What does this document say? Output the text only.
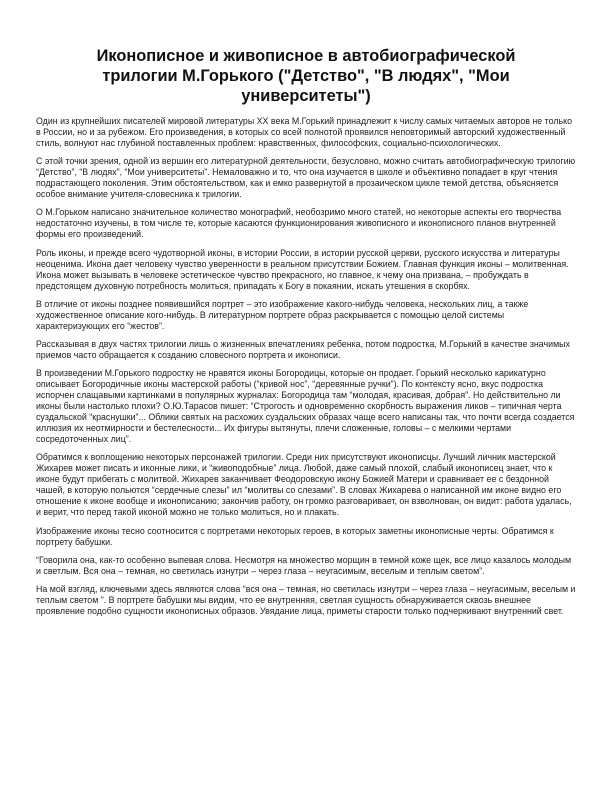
Иконописное и живописное в автобиографической трилогии М.Горького ("Детство", "В людях", "Мои университеты")

Один из крупнейших писателей мировой литературы XX века М.Горький принадлежит к числу самых читаемых авторов не только в России, но и за рубежом. Его произведения, в которых со всей полнотой проявился неповторимый авторский художественный стиль, волнуют нас глубиной поставленных проблем: нравственных, философских, социально-психологических.

С этой точки зрения, одной из вершин его литературной деятельности, безусловно, можно считать автобиографическую трилогию “Детство”, “В людях”, “Мои университеты”. Немаловажно и то, что она изучается в школе и объективно попадает в круг чтения подрастающего поколения. Этим обстоятельством, как и емко развернутой в прозаическом цикле темой детства, объясняется особое внимание учителя-словесника к трилогии.

О М.Горьком написано значительное количество монографий, необозримо много статей, но некоторые аспекты его творчества недостаточно изучены, в том числе те, которые касаются функционирования живописного и иконописного планов внутренней формы его произведений.

Роль иконы, и прежде всего чудотворной иконы, в истории России, в истории русской церкви, русского искусства и литературы неоценима. Икона дает человеку чувство уверенности в реальном присутствии Божием. Главная функция иконы – молитвенная. Икона может вызывать в человеке эстетическое чувство прекрасного, но главное, к чему она призвана, – пробуждать в предстоящем духовную потребность молиться, припадать к Богу в покаянии, искать утешения в скорбях.

В отличие от иконы позднее появившийся портрет – это изображение какого-нибудь человека, нескольких лиц, а также художественное описание кого-нибудь. В литературном портрете образ раскрывается с помощью целой системы характеризующих его “жестов”.

Рассказывая в двух частях трилогии лишь о жизненных впечатлениях ребенка, потом подростка, М.Горький в качестве значимых приемов часто обращается к созданию словесного портрета и иконописи.

В произведении М.Горького подростку не нравятся иконы Богородицы, которые он продает. Горький несколько карикатурно описывает Богородичные иконы мастерской работы (“кривой нос”, “деревянные ручки”). По контексту ясно, вкус подростка испорчен слащавыми картинками в популярных журналах: Богородица там “молодая, красивая, добрая”. Но действительно ли иконы были настолько плохи? О.Ю.Тарасов пишет: “Строгость и одновременно скорбность выражения ликов – типичная черта суздальской “краснушки”... Облики святых на расхожих суздальских образах чаще всего написаны так, что почти всегда создается иллюзия их неотмирности и бестелесности... Их фигуры вытянуты, плечи сложенные, головы – с мелкими чертами сосредоточенных лиц”.

Обратимся к воплощению некоторых персонажей трилогии. Среди них присутствуют иконописцы. Лучший личник мастерской Жихарев может писать и иконные лики, и “живоподобные” лица. Любой, даже самый плохой, слабый иконописец знает, что к иконе будут прибегать с молитвой. Жихарев заканчивает Феодоровскую икону Божией Матери и сравнивает ее с бездонной чашей, в которую польются “сердечные слезы” ил “молитвы со слезами”. В словах Жихарева о написанной им иконе видно его отношение к иконе вообще и иконописанию; закончив работу, он громко разговаривает, он взволнован, он видит: работа удалась, и верит, что перед такой иконой можно не только молиться, но и плакать.

Изображение иконы тесно соотносится с портретами некоторых героев, в которых заметны иконописные черты. Обратимся к портрету бабушки.

“Говорила она, как-то особенно выпевая слова. Несмотря на множество морщин в темной коже щек, все лицо казалось молодым и светлым. Вся она – темная, но светилась изнутри – через глаза – неугасимым, веселым и теплым светом”.

На мой взгляд, ключевыми здесь являются слова “вся она – темная, но светилась изнутри – через глаза – неугасимым, веселым и теплым светом ”. В портрете бабушки мы видим, что ее внутренняя, светлая сущность обнаруживается сквозь внешнее проявление подобно сущности иконописных образов. Увядание лица, приметы старости только подчеркивают внутренний свет.
